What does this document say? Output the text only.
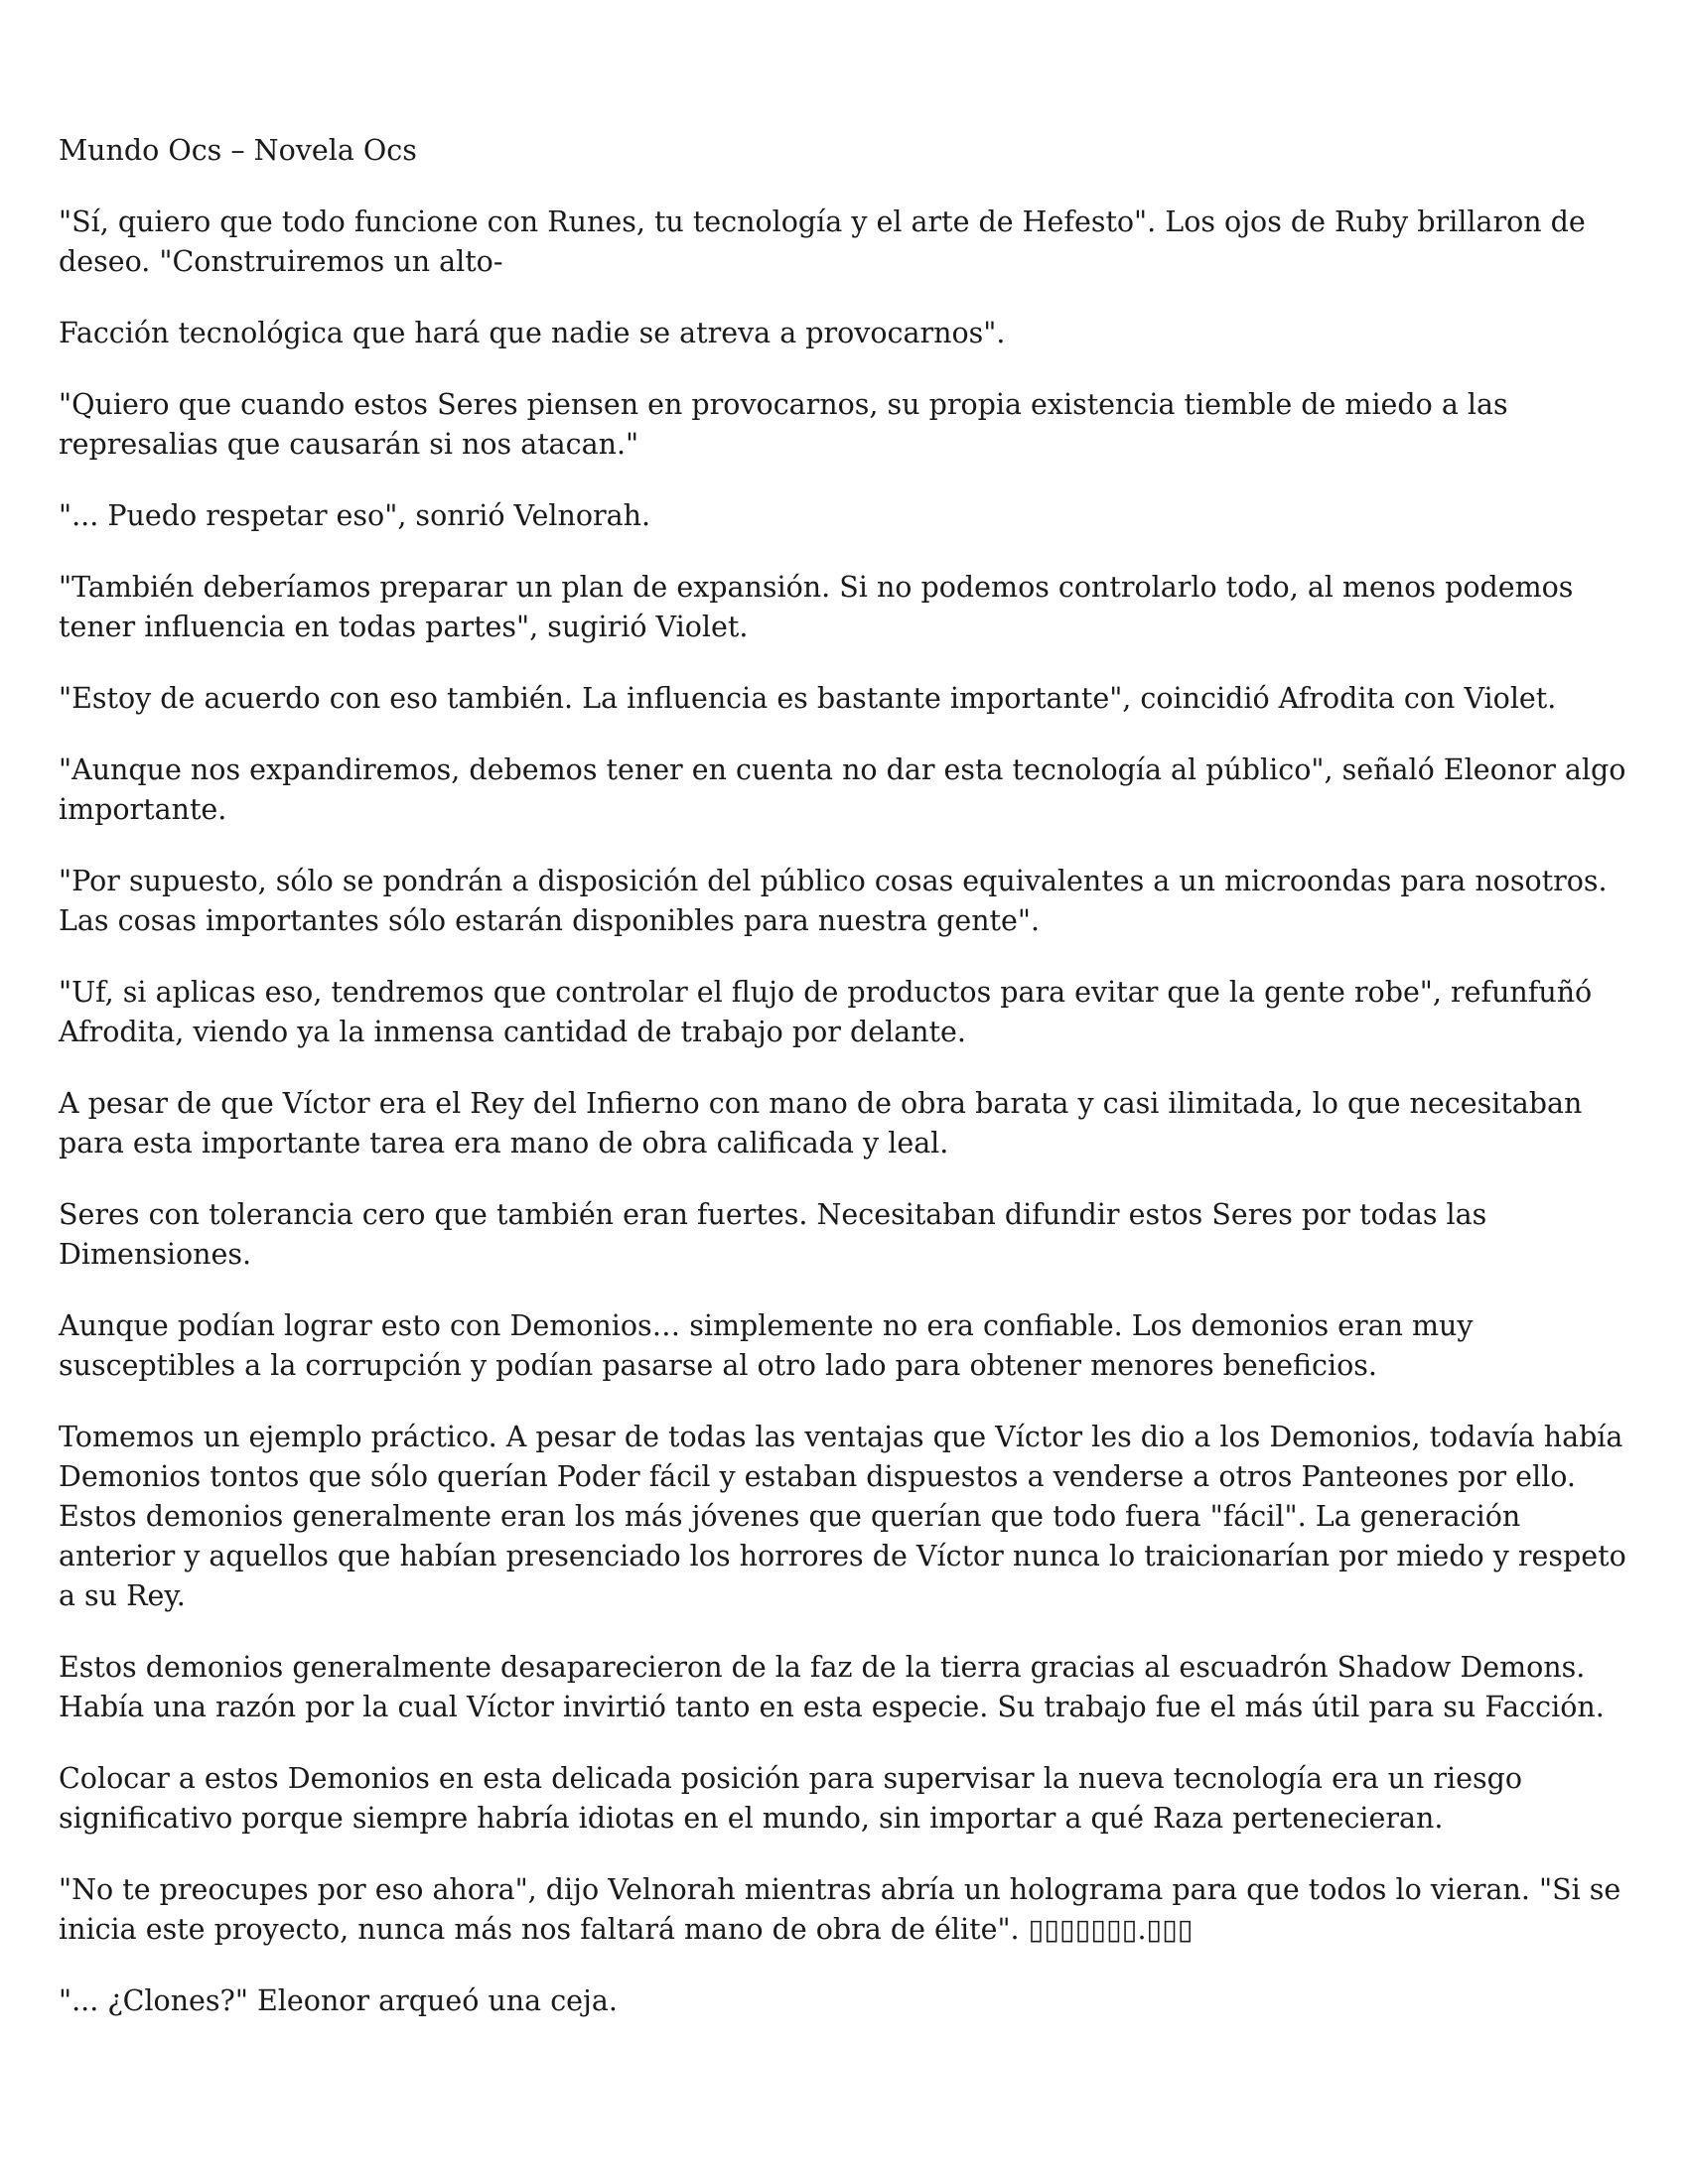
Mundo Ocs – Novela Ocs

"Sí, quiero que todo funcione con Runes, tu tecnología y el arte de Hefesto". Los ojos de Ruby brillaron de deseo. "Construiremos un alto-

Facción tecnológica que hará que nadie se atreva a provocarnos".

"Quiero que cuando estos Seres piensen en provocarnos, su propia existencia tiemble de miedo a las represalias que causarán si nos atacan."

"... Puedo respetar eso", sonrió Velnorah.

"También deberíamos preparar un plan de expansión. Si no podemos controlarlo todo, al menos podemos tener influencia en todas partes", sugirió Violet.

"Estoy de acuerdo con eso también. La influencia es bastante importante", coincidió Afrodita con Violet.

"Aunque nos expandiremos, debemos tener en cuenta no dar esta tecnología al público", señaló Eleonor algo importante.

"Por supuesto, sólo se pondrán a disposición del público cosas equivalentes a un microondas para nosotros. Las cosas importantes sólo estarán disponibles para nuestra gente".

"Uf, si aplicas eso, tendremos que controlar el flujo de productos para evitar que la gente robe", refunfuñó Afrodita, viendo ya la inmensa cantidad de trabajo por delante.

A pesar de que Víctor era el Rey del Infierno con mano de obra barata y casi ilimitada, lo que necesitaban para esta importante tarea era mano de obra calificada y leal.

Seres con tolerancia cero que también eran fuertes. Necesitaban difundir estos Seres por todas las Dimensiones.

Aunque podían lograr esto con Demonios… simplemente no era confiable. Los demonios eran muy susceptibles a la corrupción y podían pasarse al otro lado para obtener menores beneficios.

Tomemos un ejemplo práctico. A pesar de todas las ventajas que Víctor les dio a los Demonios, todavía había Demonios tontos que sólo querían Poder fácil y estaban dispuestos a venderse a otros Panteones por ello. Estos demonios generalmente eran los más jóvenes que querían que todo fuera "fácil". La generación anterior y aquellos que habían presenciado los horrores de Víctor nunca lo traicionarían por miedo y respeto a su Rey.

Estos demonios generalmente desaparecieron de la faz de la tierra gracias al escuadrón Shadow Demons. Había una razón por la cual Víctor invirtió tanto en esta especie. Su trabajo fue el más útil para su Facción.

Colocar a estos Demonios en esta delicada posición para supervisar la nueva tecnología era un riesgo significativo porque siempre habría idiotas en el mundo, sin importar a qué Raza pertenecieran.

"No te preocupes por eso ahora", dijo Velnorah mientras abría un holograma para que todos lo vieran. "Si se inicia este proyecto, nunca más nos faltará mano de obra de élite". ▯▯▯▯▯▯▯.▯▯▯

"... ¿Clones?" Eleonor arqueó una ceja.
